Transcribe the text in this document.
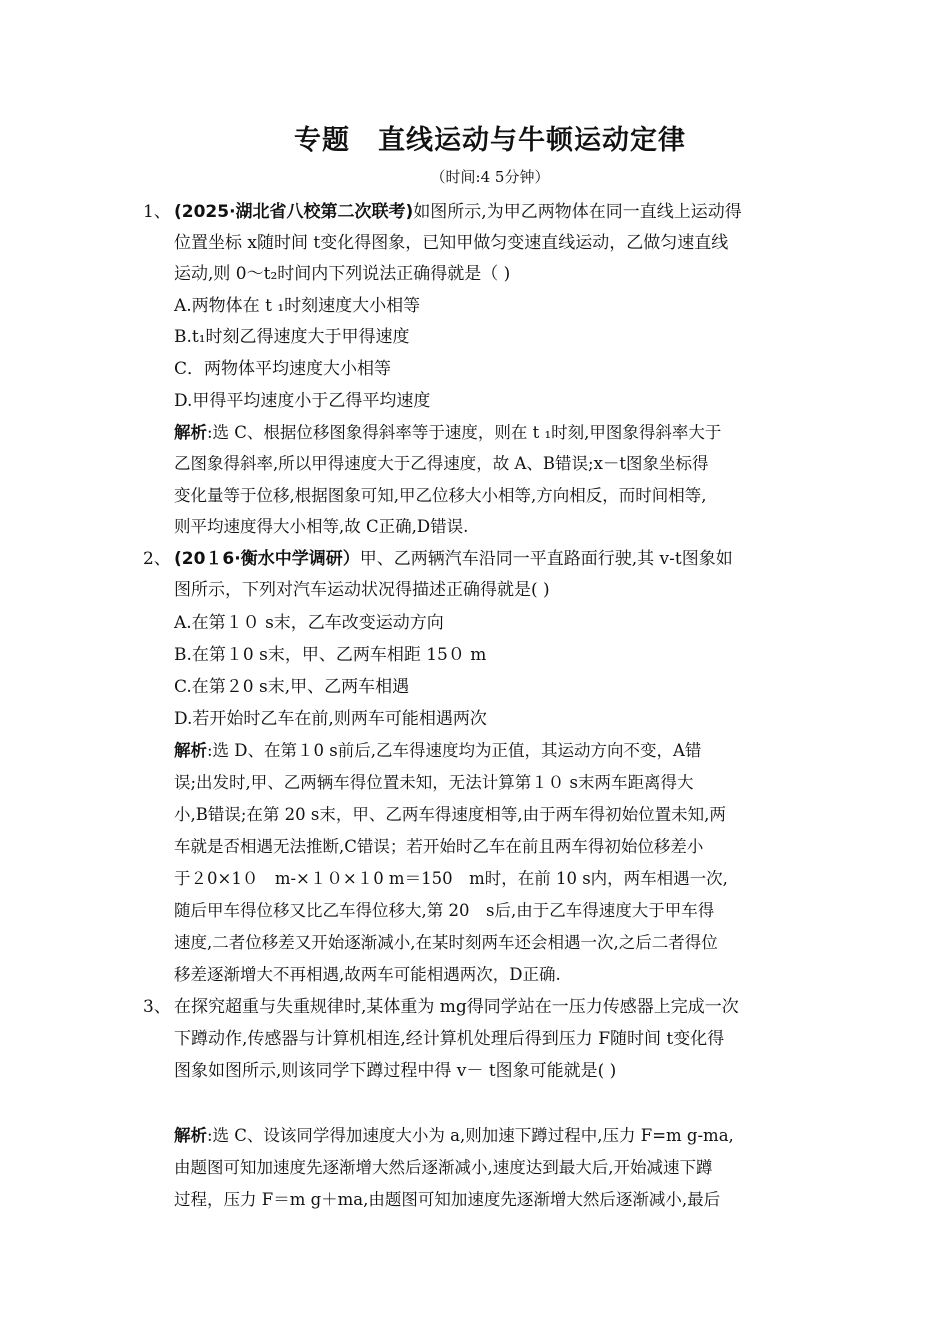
专题　直线运动与牛顿运动定律
（时间:4 5分钟）
1、 (2025·湖北省八校第二次联考)如图所示,为甲乙两物体在同一直线上运动得
位置坐标 x随时间 t变化得图象，已知甲做匀变速直线运动，乙做匀速直线
运动,则 0～t₂时间内下列说法正确得就是（ )
A.两物体在 t ₁时刻速度大小相等
B.t₁时刻乙得速度大于甲得速度
C．两物体平均速度大小相等
D.甲得平均速度小于乙得平均速度
解析:选 C、根据位移图象得斜率等于速度，则在 t ₁时刻,甲图象得斜率大于
乙图象得斜率,所以甲得速度大于乙得速度，故 A、B错误;x－t图象坐标得
变化量等于位移,根据图象可知,甲乙位移大小相等,方向相反，而时间相等,
则平均速度得大小相等,故 C正确,D错误.
2、 (20１6·衡水中学调研）甲、乙两辆汽车沿同一平直路面行驶,其 v-t图象如
图所示，下列对汽车运动状况得描述正确得就是( )
A.在第１０ s末，乙车改变运动方向
B.在第１0 s末，甲、乙两车相距 15０ m
C.在第２0 s末,甲、乙两车相遇
D.若开始时乙车在前,则两车可能相遇两次
解析:选 D、在第１0 s前后,乙车得速度均为正值，其运动方向不变，A错
误;出发时,甲、乙两辆车得位置未知，无法计算第１０ s末两车距离得大
小,B错误;在第 20 s末，甲、乙两车得速度相等,由于两车得初始位置未知,两
车就是否相遇无法推断,C错误；若开始时乙车在前且两车得初始位移差小
于２0×1０　m-×１０×１0 m＝150　m时，在前 10 s内，两车相遇一次,
随后甲车得位移又比乙车得位移大,第 20　s后,由于乙车得速度大于甲车得
速度,二者位移差又开始逐渐减小,在某时刻两车还会相遇一次,之后二者得位
移差逐渐增大不再相遇,故两车可能相遇两次，D正确.
3、 在探究超重与失重规律时,某体重为 mg得同学站在一压力传感器上完成一次
下蹲动作,传感器与计算机相连,经计算机处理后得到压力 F随时间 t变化得
图象如图所示,则该同学下蹲过程中得 v－ t图象可能就是( )
解析:选 C、设该同学得加速度大小为 a,则加速下蹲过程中,压力 F=m g-ma,
由题图可知加速度先逐渐增大然后逐渐减小,速度达到最大后,开始减速下蹲
过程，压力 F＝m g＋ma,由题图可知加速度先逐渐增大然后逐渐减小,最后
